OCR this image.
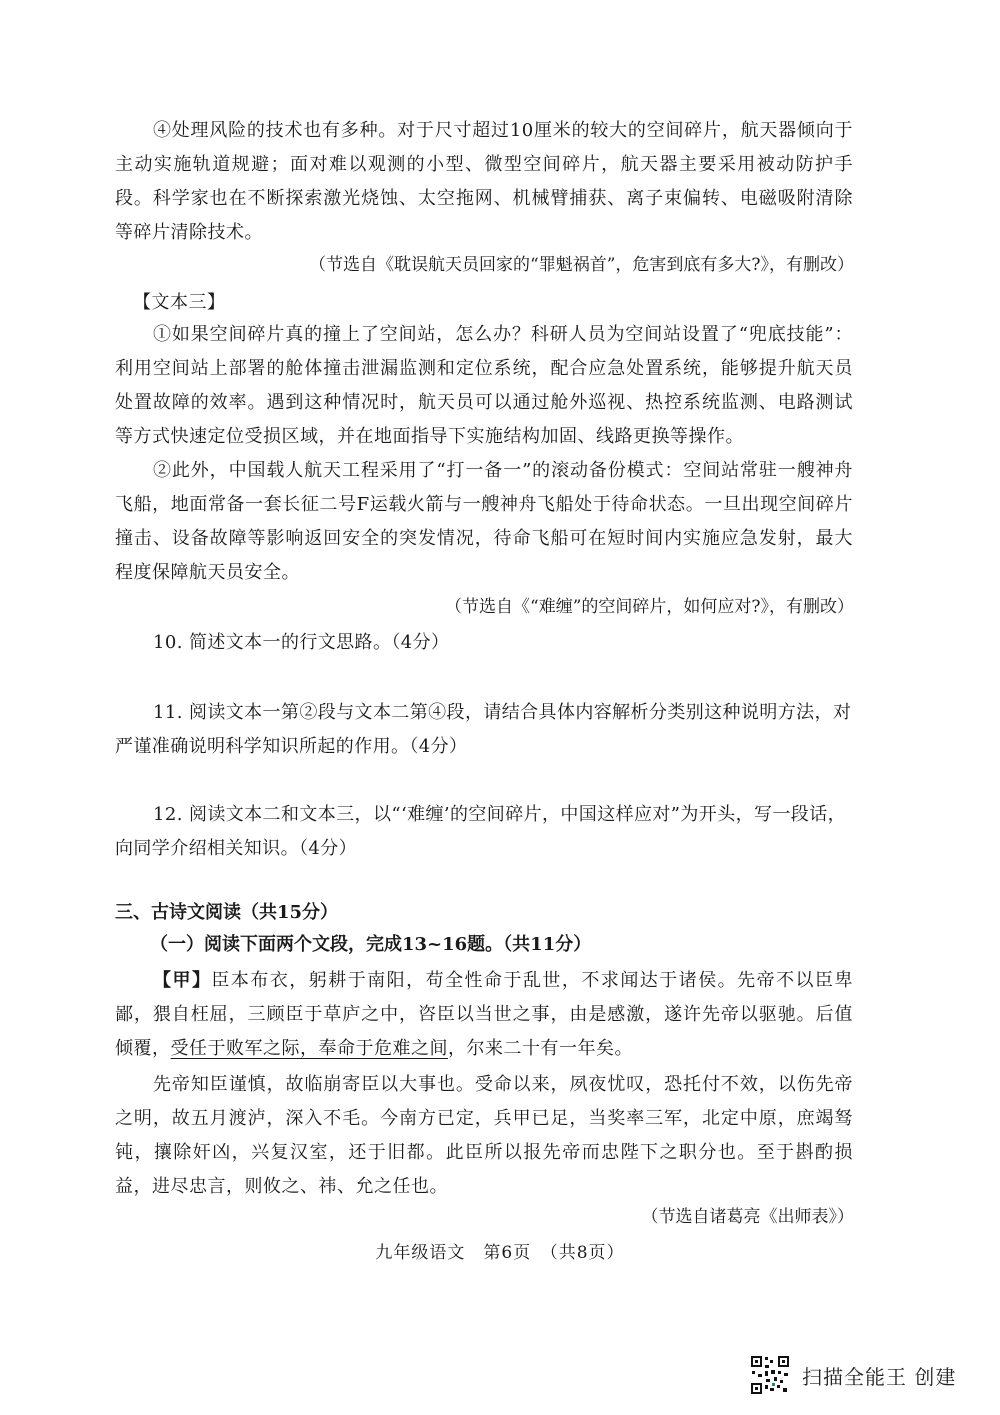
④处理风险的技术也有多种。对于尺寸超过10厘米的较大的空间碎片，航天器倾向于主动实施轨道规避；面对难以观测的小型、微型空间碎片，航天器主要采用被动防护手段。科学家也在不断探索激光烧蚀、太空拖网、机械臂捕获、离子束偏转、电磁吸附清除等碎片清除技术。

（节选自《耽误航天员回家的“罪魁祸首”，危害到底有多大?》，有删改）

【文本三】

①如果空间碎片真的撞上了空间站，怎么办？科研人员为空间站设置了“兜底技能”：利用空间站上部署的舱体撞击泄漏监测和定位系统，配合应急处置系统，能够提升航天员处置故障的效率。遇到这种情况时，航天员可以通过舱外巡视、热控系统监测、电路测试等方式快速定位受损区域，并在地面指导下实施结构加固、线路更换等操作。

②此外，中国载人航天工程采用了“打一备一”的滚动备份模式：空间站常驻一艘神舟飞船，地面常备一套长征二号F运载火箭与一艘神舟飞船处于待命状态。一旦出现空间碎片撞击、设备故障等影响返回安全的突发情况，待命飞船可在短时间内实施应急发射，最大程度保障航天员安全。

（节选自《“难缠”的空间碎片，如何应对?》，有删改）

10. 简述文本一的行文思路。（4分）

11. 阅读文本一第②段与文本二第④段，请结合具体内容解析分类别这种说明方法，对严谨准确说明科学知识所起的作用。（4分）

12. 阅读文本二和文本三，以“‘难缠’的空间碎片，中国这样应对”为开头，写一段话，向同学介绍相关知识。（4分）

三、古诗文阅读（共15分）

（一）阅读下面两个文段，完成13~16题。（共11分）

【甲】臣本布衣，躬耕于南阳，苟全性命于乱世，不求闻达于诸侯。先帝不以臣卑鄙，猥自枉屈，三顾臣于草庐之中，咨臣以当世之事，由是感激，遂许先帝以驱驰。后值倾覆，受任于败军之际，奉命于危难之间，尔来二十有一年矣。

先帝知臣谨慎，故临崩寄臣以大事也。受命以来，夙夜忧叹，恐托付不效，以伤先帝之明，故五月渡泸，深入不毛。今南方已定，兵甲已足，当奖率三军，北定中原，庶竭驽钝，攘除奸凶，兴复汉室，还于旧都。此臣所以报先帝而忠陛下之职分也。至于斟酌损益，进尽忠言，则攸之、祎、允之任也。

（节选自诸葛亮《出师表》）

九年级语文　第6页　（共8页）
扫描全能王 创建
